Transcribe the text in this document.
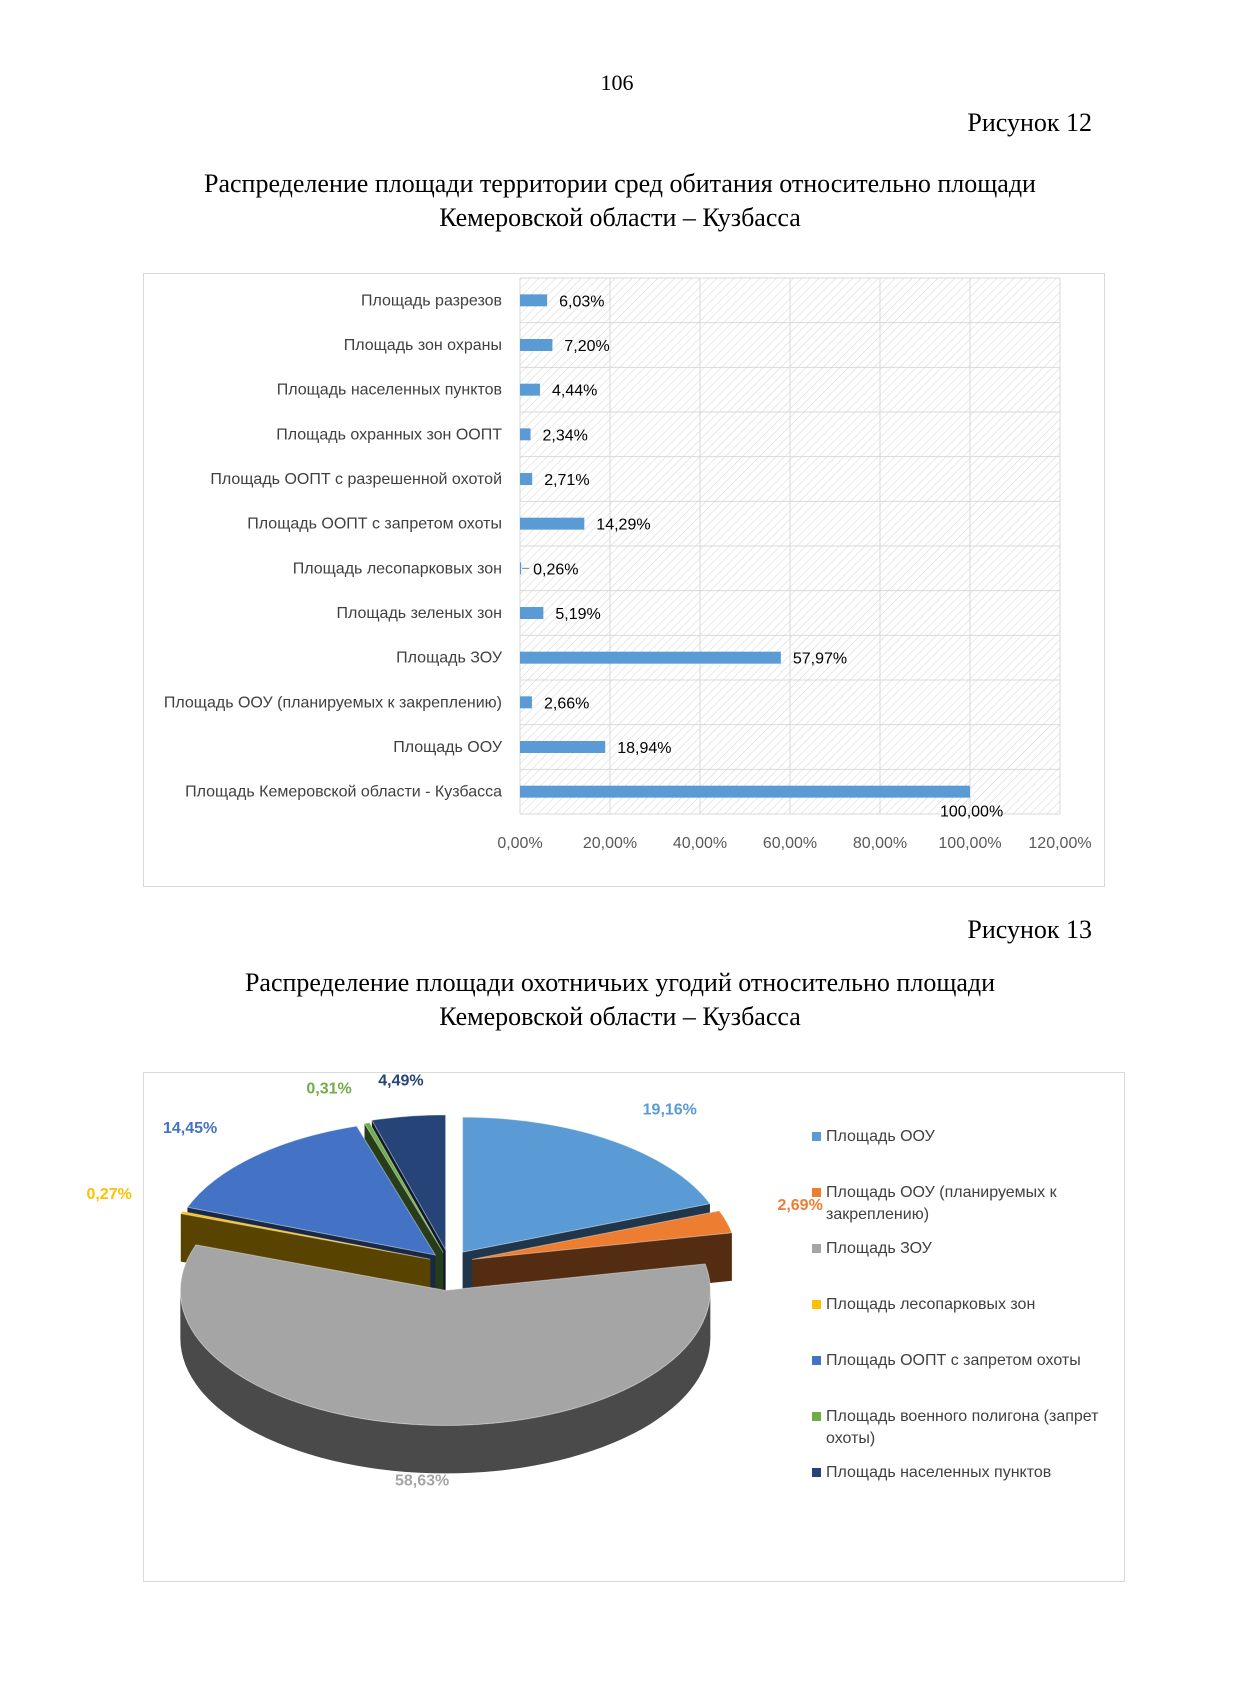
106
Рисунок 12
Распределение площади территории сред обитания относительно площади
Кемеровской области – Кузбасса
0,00%	20,00% 40,00% 60,00% 80,00% 100,00% 120,00%
Площадь разрезов	6,03%
Площадь зон охраны	7,20%
Площадь населенных пунктов	4,44%
Площадь охранных зон ООПТ	2,34%
Площадь ООПТ с разрешенной охотой	2,71%
Площадь ООПТ с запретом охоты	14,29%
Площадь лесопарковых зон 0,26%
Площадь зеленых зон	5,19%
Площадь ЗОУ	57,97%
Площадь ООУ (планируемых к закреплению)	2,66%
Площадь ООУ	18,94%
Площадь Кемеровской области - Кузбасса
100,00%
Рисунок 13
Распределение площади охотничьих угодий относительно площади
Кемеровской области – Кузбасса
19,16%
2,69%
58,63%
0,27%
14,45%
0,31% 4,49%
Площадь ООУ
Площадь ООУ (планируемых к
закреплению)
Площадь ЗОУ
Площадь лесопарковых зон
Площадь ООПТ с запретом охоты
Площадь военного полигона (запрет
охоты)
Площадь населенных пунктов
